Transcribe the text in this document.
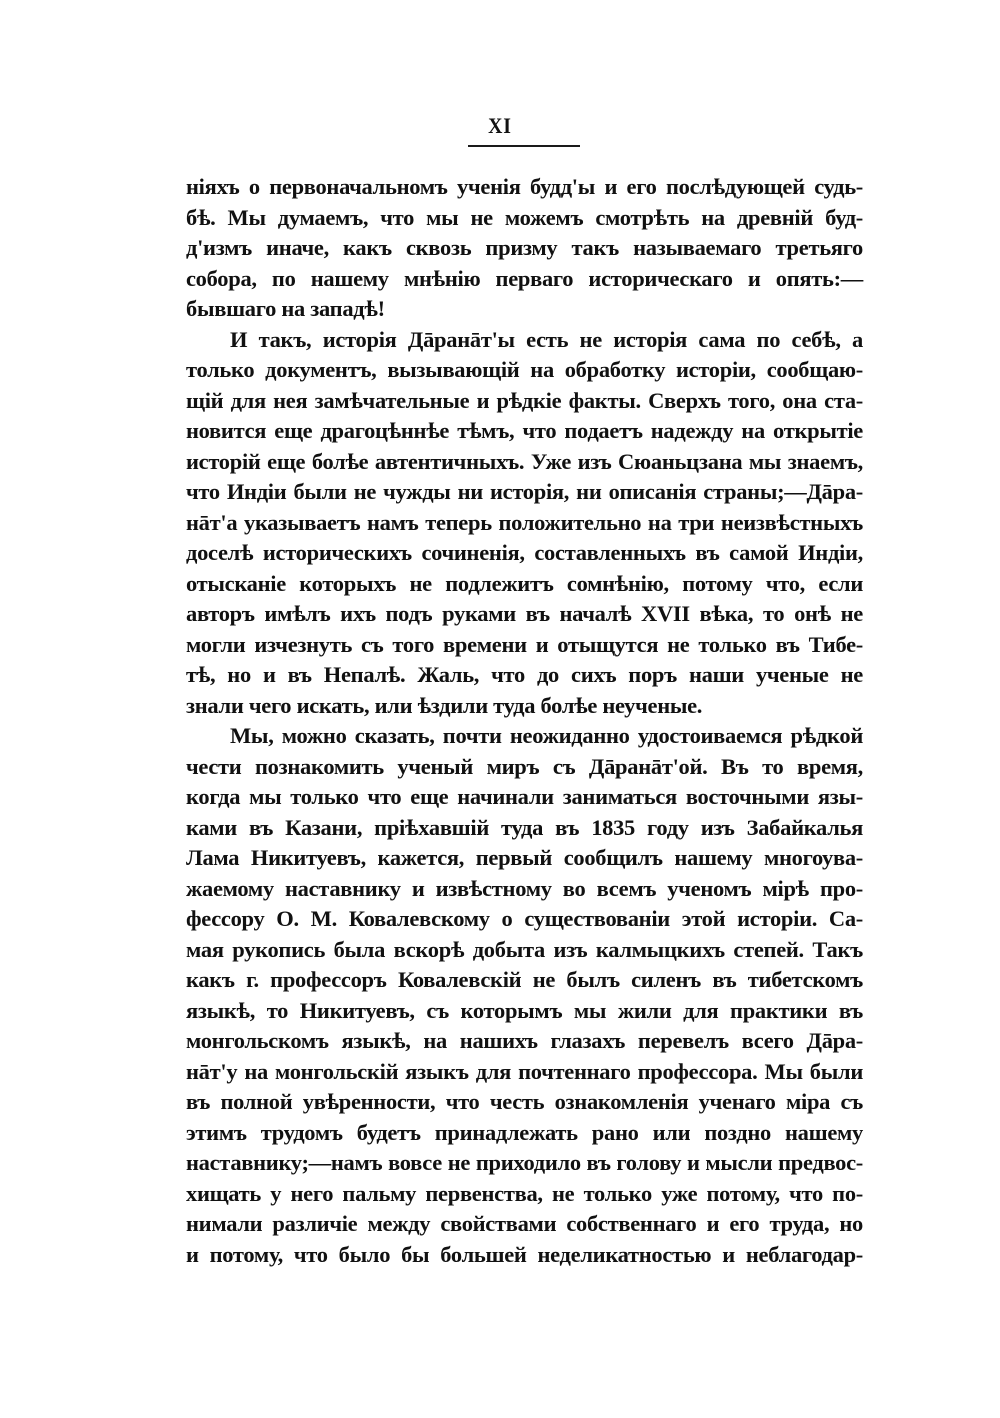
XI
ніяхъ о первоначальномъ ученія будд'ы и его послѣдующей судь-
бѣ. Мы думаемъ, что мы не можемъ смотрѣть на древній буд-
д'измъ иначе, какъ сквозь призму такъ называемаго третьяго
собора, по нашему мнѣнію перваго историческаго и опять:—
бывшаго на западѣ!
И такъ, исторія Дāранāт'ы есть не исторія сама по себѣ, а
только документъ, вызывающій на обработку исторіи, сообщаю-
щій для нея замѣчательные и рѣдкіе факты. Сверхъ того, она ста-
новится еще драгоцѣннѣе тѣмъ, что подаетъ надежду на открытіе
исторій еще болѣе автентичныхъ. Уже изъ Сюаньцзана мы знаемъ,
что Индіи были не чужды ни исторія, ни описанія страны;—Дāра-
нāт'а указываетъ намъ теперь положительно на три неизвѣстныхъ
доселѣ историческихъ сочиненія, составленныхъ въ самой Индіи,
отысканіе которыхъ не подлежитъ сомнѣнію, потому что, если
авторъ имѣлъ ихъ подъ руками въ началѣ XVII вѣка, то онѣ не
могли изчезнуть съ того времени и отыщутся не только въ Тибе-
тѣ, но и въ Непалѣ. Жаль, что до сихъ поръ наши ученые не
знали чего искать, или ѣздили туда болѣе неученые.
Мы, можно сказать, почти неожиданно удостоиваемся рѣдкой
чести познакомить ученый миръ съ Дāранāт'ой. Въ то время,
когда мы только что еще начинали заниматься восточными язы-
ками въ Казани, пріѣхавшій туда въ 1835 году изъ Забайкалья
Лама Никитуевъ, кажется, первый сообщилъ нашему многоува-
жаемому наставнику и извѣстному во всемъ ученомъ мірѣ про-
фессору О. М. Ковалевскому о существованіи этой исторіи. Са-
мая рукопись была вскорѣ добыта изъ калмыцкихъ степей. Такъ
какъ г. профессоръ Ковалевскій не былъ силенъ въ тибетскомъ
языкѣ, то Никитуевъ, съ которымъ мы жили для практики въ
монгольскомъ языкѣ, на нашихъ глазахъ перевелъ всего Дāра-
нāт'у на монгольскій языкъ для почтеннаго профессора. Мы были
въ полной увѣренности, что честь ознакомленія ученаго міра съ
этимъ трудомъ будетъ принадлежать рано или поздно нашему
наставнику;—намъ вовсе не приходило въ голову и мысли предвос-
хищать у него пальму первенства, не только уже потому, что по-
нимали различіе между свойствами собственнаго и его труда, но
и потому, что было бы большей неделикатностью и неблагодар-
